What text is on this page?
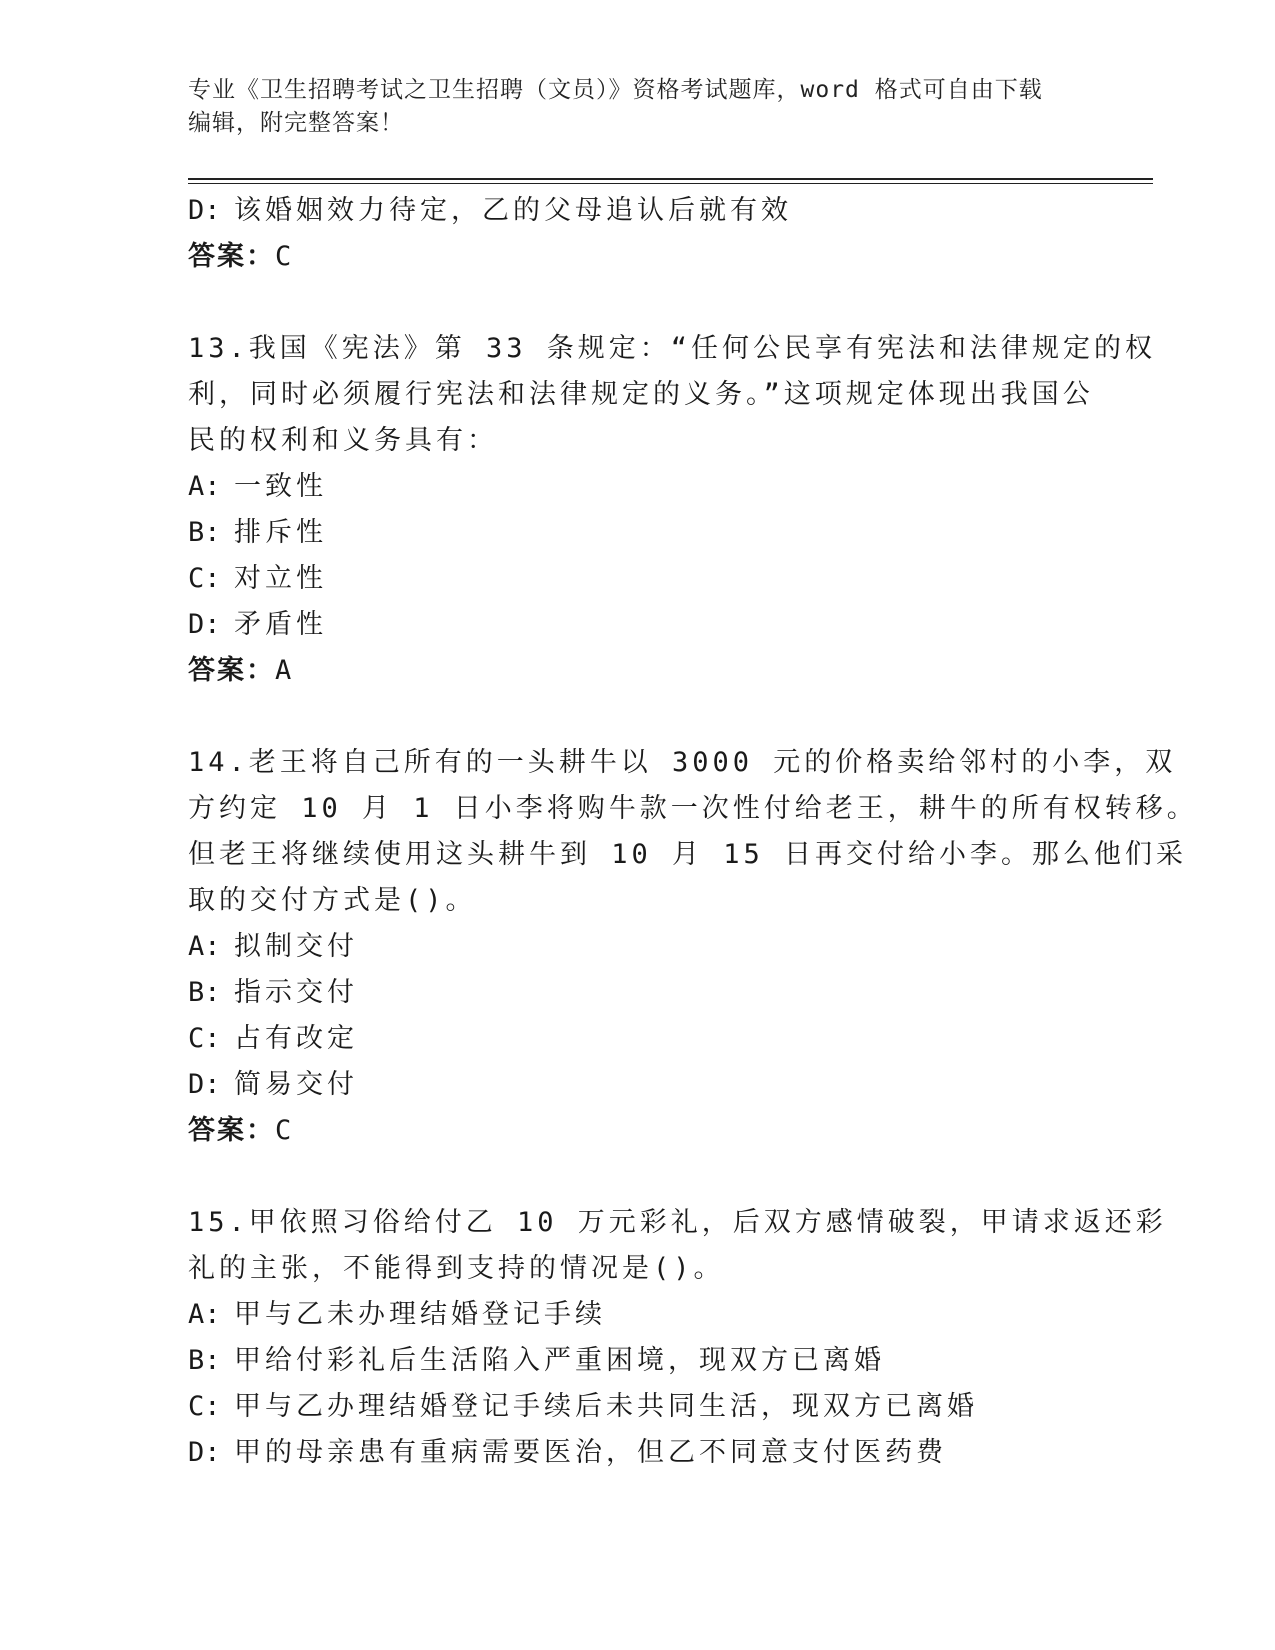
专业《卫生招聘考试之卫生招聘（文员）》资格考试题库，word 格式可自由下载
编辑，附完整答案！
D: 该婚姻效力待定，乙的父母追认后就有效
答案：C
13.我国《宪法》第 33 条规定：“任何公民享有宪法和法律规定的权
利，同时必须履行宪法和法律规定的义务。”这项规定体现出我国公
民的权利和义务具有：
A: 一致性
B: 排斥性
C: 对立性
D: 矛盾性
答案：A
14.老王将自己所有的一头耕牛以 3000 元的价格卖给邻村的小李，双
方约定 10 月 1 日小李将购牛款一次性付给老王，耕牛的所有权转移。
但老王将继续使用这头耕牛到 10 月 15 日再交付给小李。那么他们采
取的交付方式是()。
A: 拟制交付
B: 指示交付
C: 占有改定
D: 简易交付
答案：C
15.甲依照习俗给付乙 10 万元彩礼，后双方感情破裂，甲请求返还彩
礼的主张，不能得到支持的情况是()。
A: 甲与乙未办理结婚登记手续
B: 甲给付彩礼后生活陷入严重困境，现双方已离婚
C: 甲与乙办理结婚登记手续后未共同生活，现双方已离婚
D: 甲的母亲患有重病需要医治，但乙不同意支付医药费
